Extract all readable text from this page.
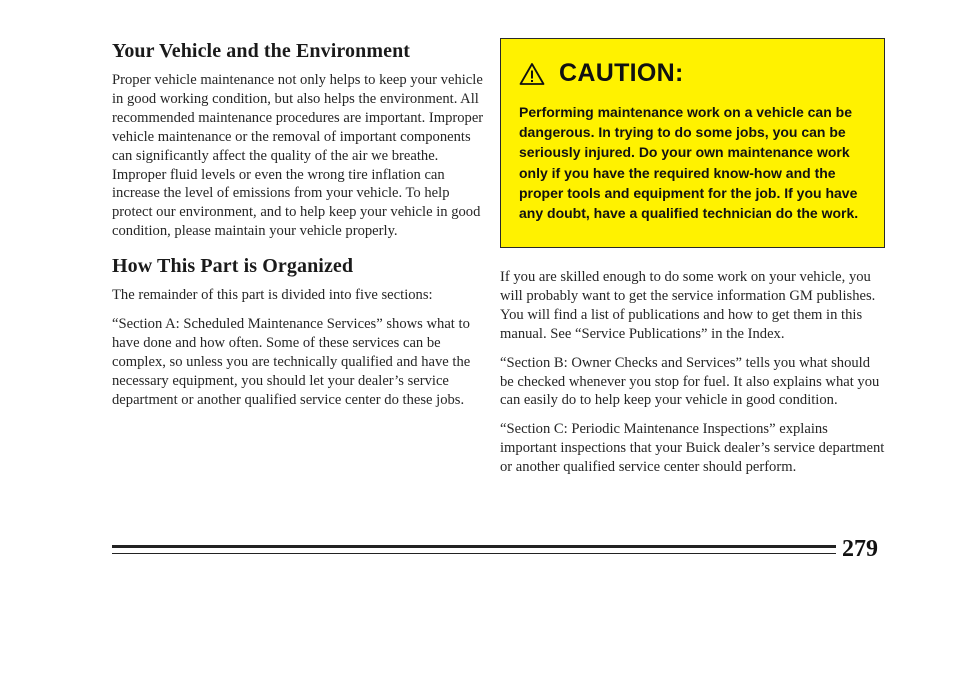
Your Vehicle and the Environment

Proper vehicle maintenance not only helps to keep your vehicle in good working condition, but also helps the environment. All recommended maintenance procedures are important. Improper vehicle maintenance or the removal of important components can significantly affect the quality of the air we breathe. Improper fluid levels or even the wrong tire inflation can increase the level of emissions from your vehicle. To help protect our environment, and to help keep your vehicle in good condition, please maintain your vehicle properly.

How This Part is Organized

The remainder of this part is divided into five sections:

“Section A: Scheduled Maintenance Services” shows what to have done and how often. Some of these services can be complex, so unless you are technically qualified and have the necessary equipment, you should let your dealer’s service department or another qualified service center do these jobs.

CAUTION:

Performing maintenance work on a vehicle can be dangerous. In trying to do some jobs, you can be seriously injured. Do your own maintenance work only if you have the required know-how and the proper tools and equipment for the job. If you have any doubt, have a qualified technician do the work.

If you are skilled enough to do some work on your vehicle, you will probably want to get the service information GM publishes. You will find a list of publications and how to get them in this manual. See “Service Publications” in the Index.

“Section B: Owner Checks and Services” tells you what should be checked whenever you stop for fuel. It also explains what you can easily do to help keep your vehicle in good condition.

“Section C: Periodic Maintenance Inspections” explains important inspections that your Buick dealer’s service department or another qualified service center should perform.

279
